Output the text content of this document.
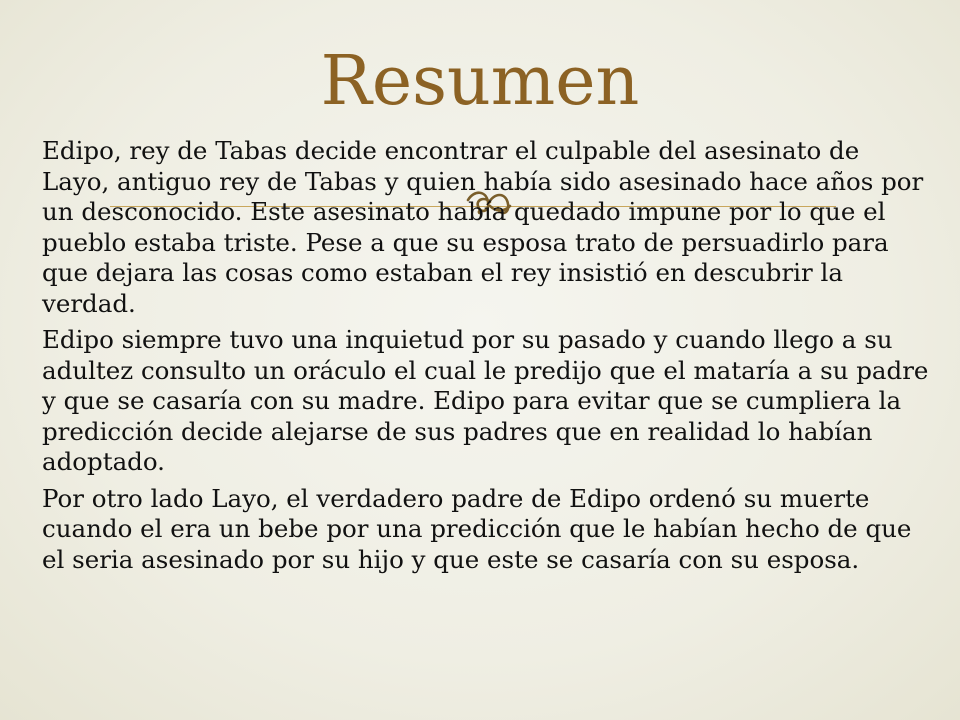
Resumen

Edipo, rey de Tabas decide encontrar el culpable del asesinato de Layo, antiguo rey de Tabas y quien había sido asesinado hace años por un desconocido. Este asesinato había quedado impune por lo que el pueblo estaba triste. Pese a que su esposa trato de persuadirlo para que dejara las cosas como estaban el rey insistió en descubrir la verdad.

Edipo siempre tuvo una inquietud por su pasado y cuando llego a su adultez consulto un oráculo el cual le predijo que el mataría a su padre y que se casaría con su madre. Edipo para evitar que se cumpliera la predicción decide alejarse de sus padres que en realidad lo habían adoptado.

Por otro lado Layo, el verdadero padre de Edipo ordenó su muerte cuando el era un bebe por una predicción que le habían hecho de que el seria asesinado por su hijo y que este se casaría con su esposa.
